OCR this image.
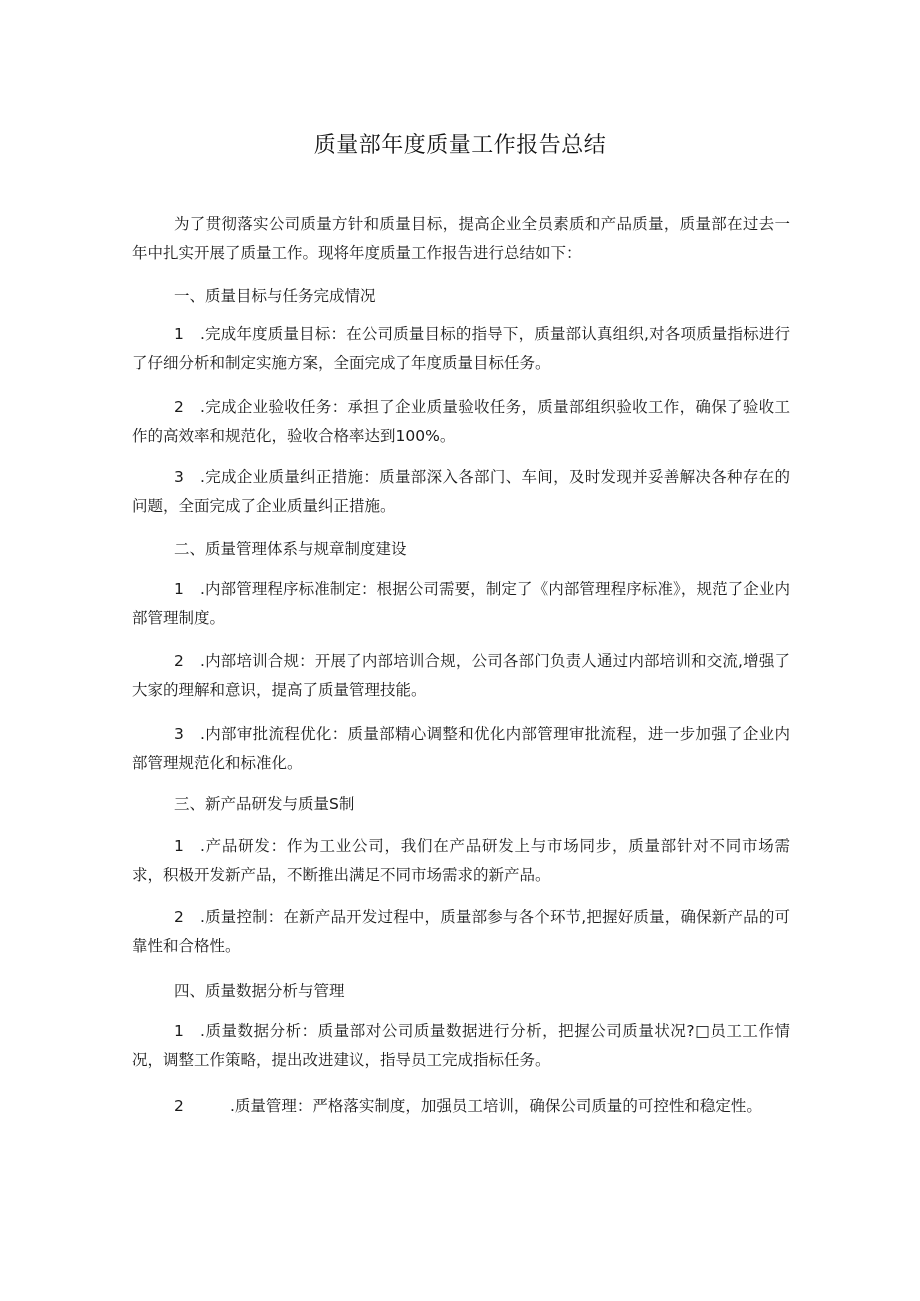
质量部年度质量工作报告总结
为了贯彻落实公司质量方针和质量目标，提高企业全员素质和产品质量，质量部在过去一年中扎实开展了质量工作。现将年度质量工作报告进行总结如下：
一、质量目标与任务完成情况
1 .完成年度质量目标：在公司质量目标的指导下，质量部认真组织,对各项质量指标进行了仔细分析和制定实施方案，全面完成了年度质量目标任务。
2 .完成企业验收任务：承担了企业质量验收任务，质量部组织验收工作，确保了验收工作的高效率和规范化，验收合格率达到100%。
3 .完成企业质量纠正措施：质量部深入各部门、车间，及时发现并妥善解决各种存在的问题，全面完成了企业质量纠正措施。
二、质量管理体系与规章制度建设
1 .内部管理程序标准制定：根据公司需要，制定了《内部管理程序标准》，规范了企业内部管理制度。
2 .内部培训合规：开展了内部培训合规，公司各部门负责人通过内部培训和交流,增强了大家的理解和意识，提高了质量管理技能。
3 .内部审批流程优化：质量部精心调整和优化内部管理审批流程，进一步加强了企业内部管理规范化和标准化。
三、新产品研发与质量S制
1 .产品研发：作为工业公司，我们在产品研发上与市场同步，质量部针对不同市场需求，积极开发新产品，不断推出满足不同市场需求的新产品。
2 .质量控制：在新产品开发过程中，质量部参与各个环节,把握好质量，确保新产品的可靠性和合格性。
四、质量数据分析与管理
1 .质量数据分析：质量部对公司质量数据进行分析，把握公司质量状况?□员工工作情况，调整工作策略，提出改进建议，指导员工完成指标任务。
2	.质量管理：严格落实制度，加强员工培训，确保公司质量的可控性和稳定性。
